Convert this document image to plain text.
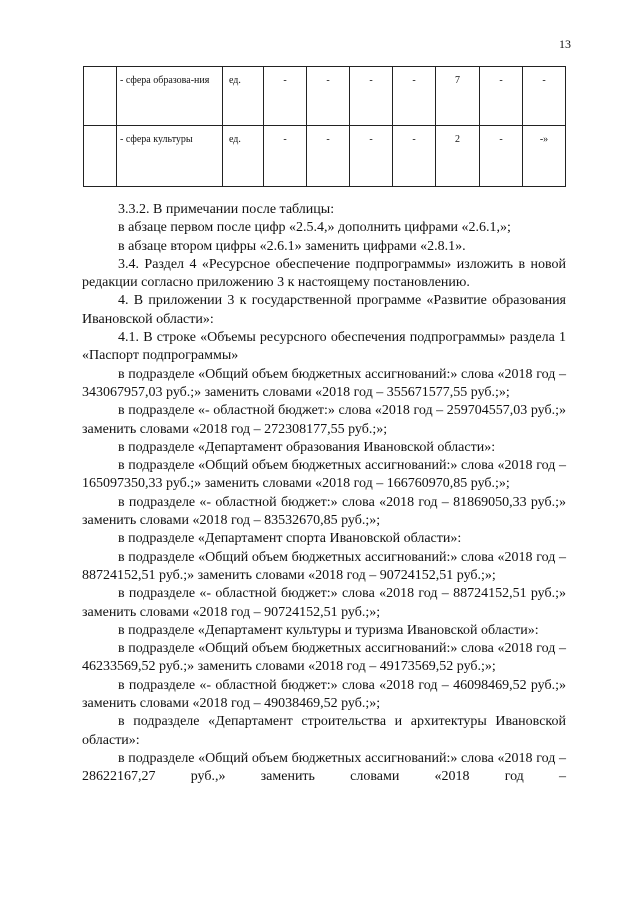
13
	- сфера образова-ния	ед.	-	-	-	-	7	-	-
	- сфера культуры	ед.	-	-	-	-	2	-	-»

3.3.2. В примечании после таблицы:

в абзаце первом после цифр «2.5.4,» дополнить цифрами «2.6.1,»;

в абзаце втором цифры «2.6.1» заменить цифрами «2.8.1».

3.4. Раздел 4 «Ресурсное обеспечение подпрограммы» изложить в новой редакции согласно приложению 3 к настоящему постановлению.

4. В приложении 3 к государственной программе «Развитие образования Ивановской области»:

4.1. В строке «Объемы ресурсного обеспечения подпрограммы» раздела 1 «Паспорт подпрограммы»

в подразделе «Общий объем бюджетных ассигнований:» слова «2018 год – 343067957,03 руб.;» заменить словами «2018 год – 355671577,55 руб.;»;

в подразделе «- областной бюджет:» слова «2018 год – 259704557,03 руб.;» заменить словами «2018 год – 272308177,55 руб.;»;

в подразделе «Департамент образования Ивановской области»:

в подразделе «Общий объем бюджетных ассигнований:» слова «2018 год – 165097350,33 руб.;» заменить словами «2018 год – 166760970,85 руб.;»;

в подразделе «- областной бюджет:» слова «2018 год – 81869050,33 руб.;» заменить словами «2018 год – 83532670,85 руб.;»;

в подразделе «Департамент спорта Ивановской области»:

в подразделе «Общий объем бюджетных ассигнований:» слова «2018 год – 88724152,51 руб.;» заменить словами «2018 год – 90724152,51 руб.;»;

в подразделе «- областной бюджет:» слова «2018 год – 88724152,51 руб.;» заменить словами «2018 год – 90724152,51 руб.;»;

в подразделе «Департамент культуры и туризма Ивановской области»:

в подразделе «Общий объем бюджетных ассигнований:» слова «2018 год – 46233569,52 руб.;» заменить словами «2018 год – 49173569,52 руб.;»;

в подразделе «- областной бюджет:» слова «2018 год – 46098469,52 руб.;» заменить словами «2018 год – 49038469,52 руб.;»;

в подразделе «Департамент строительства и архитектуры Ивановской области»:

в подразделе «Общий объем бюджетных ассигнований:» слова «2018 год – 28622167,27 руб.,» заменить словами «2018 год –
